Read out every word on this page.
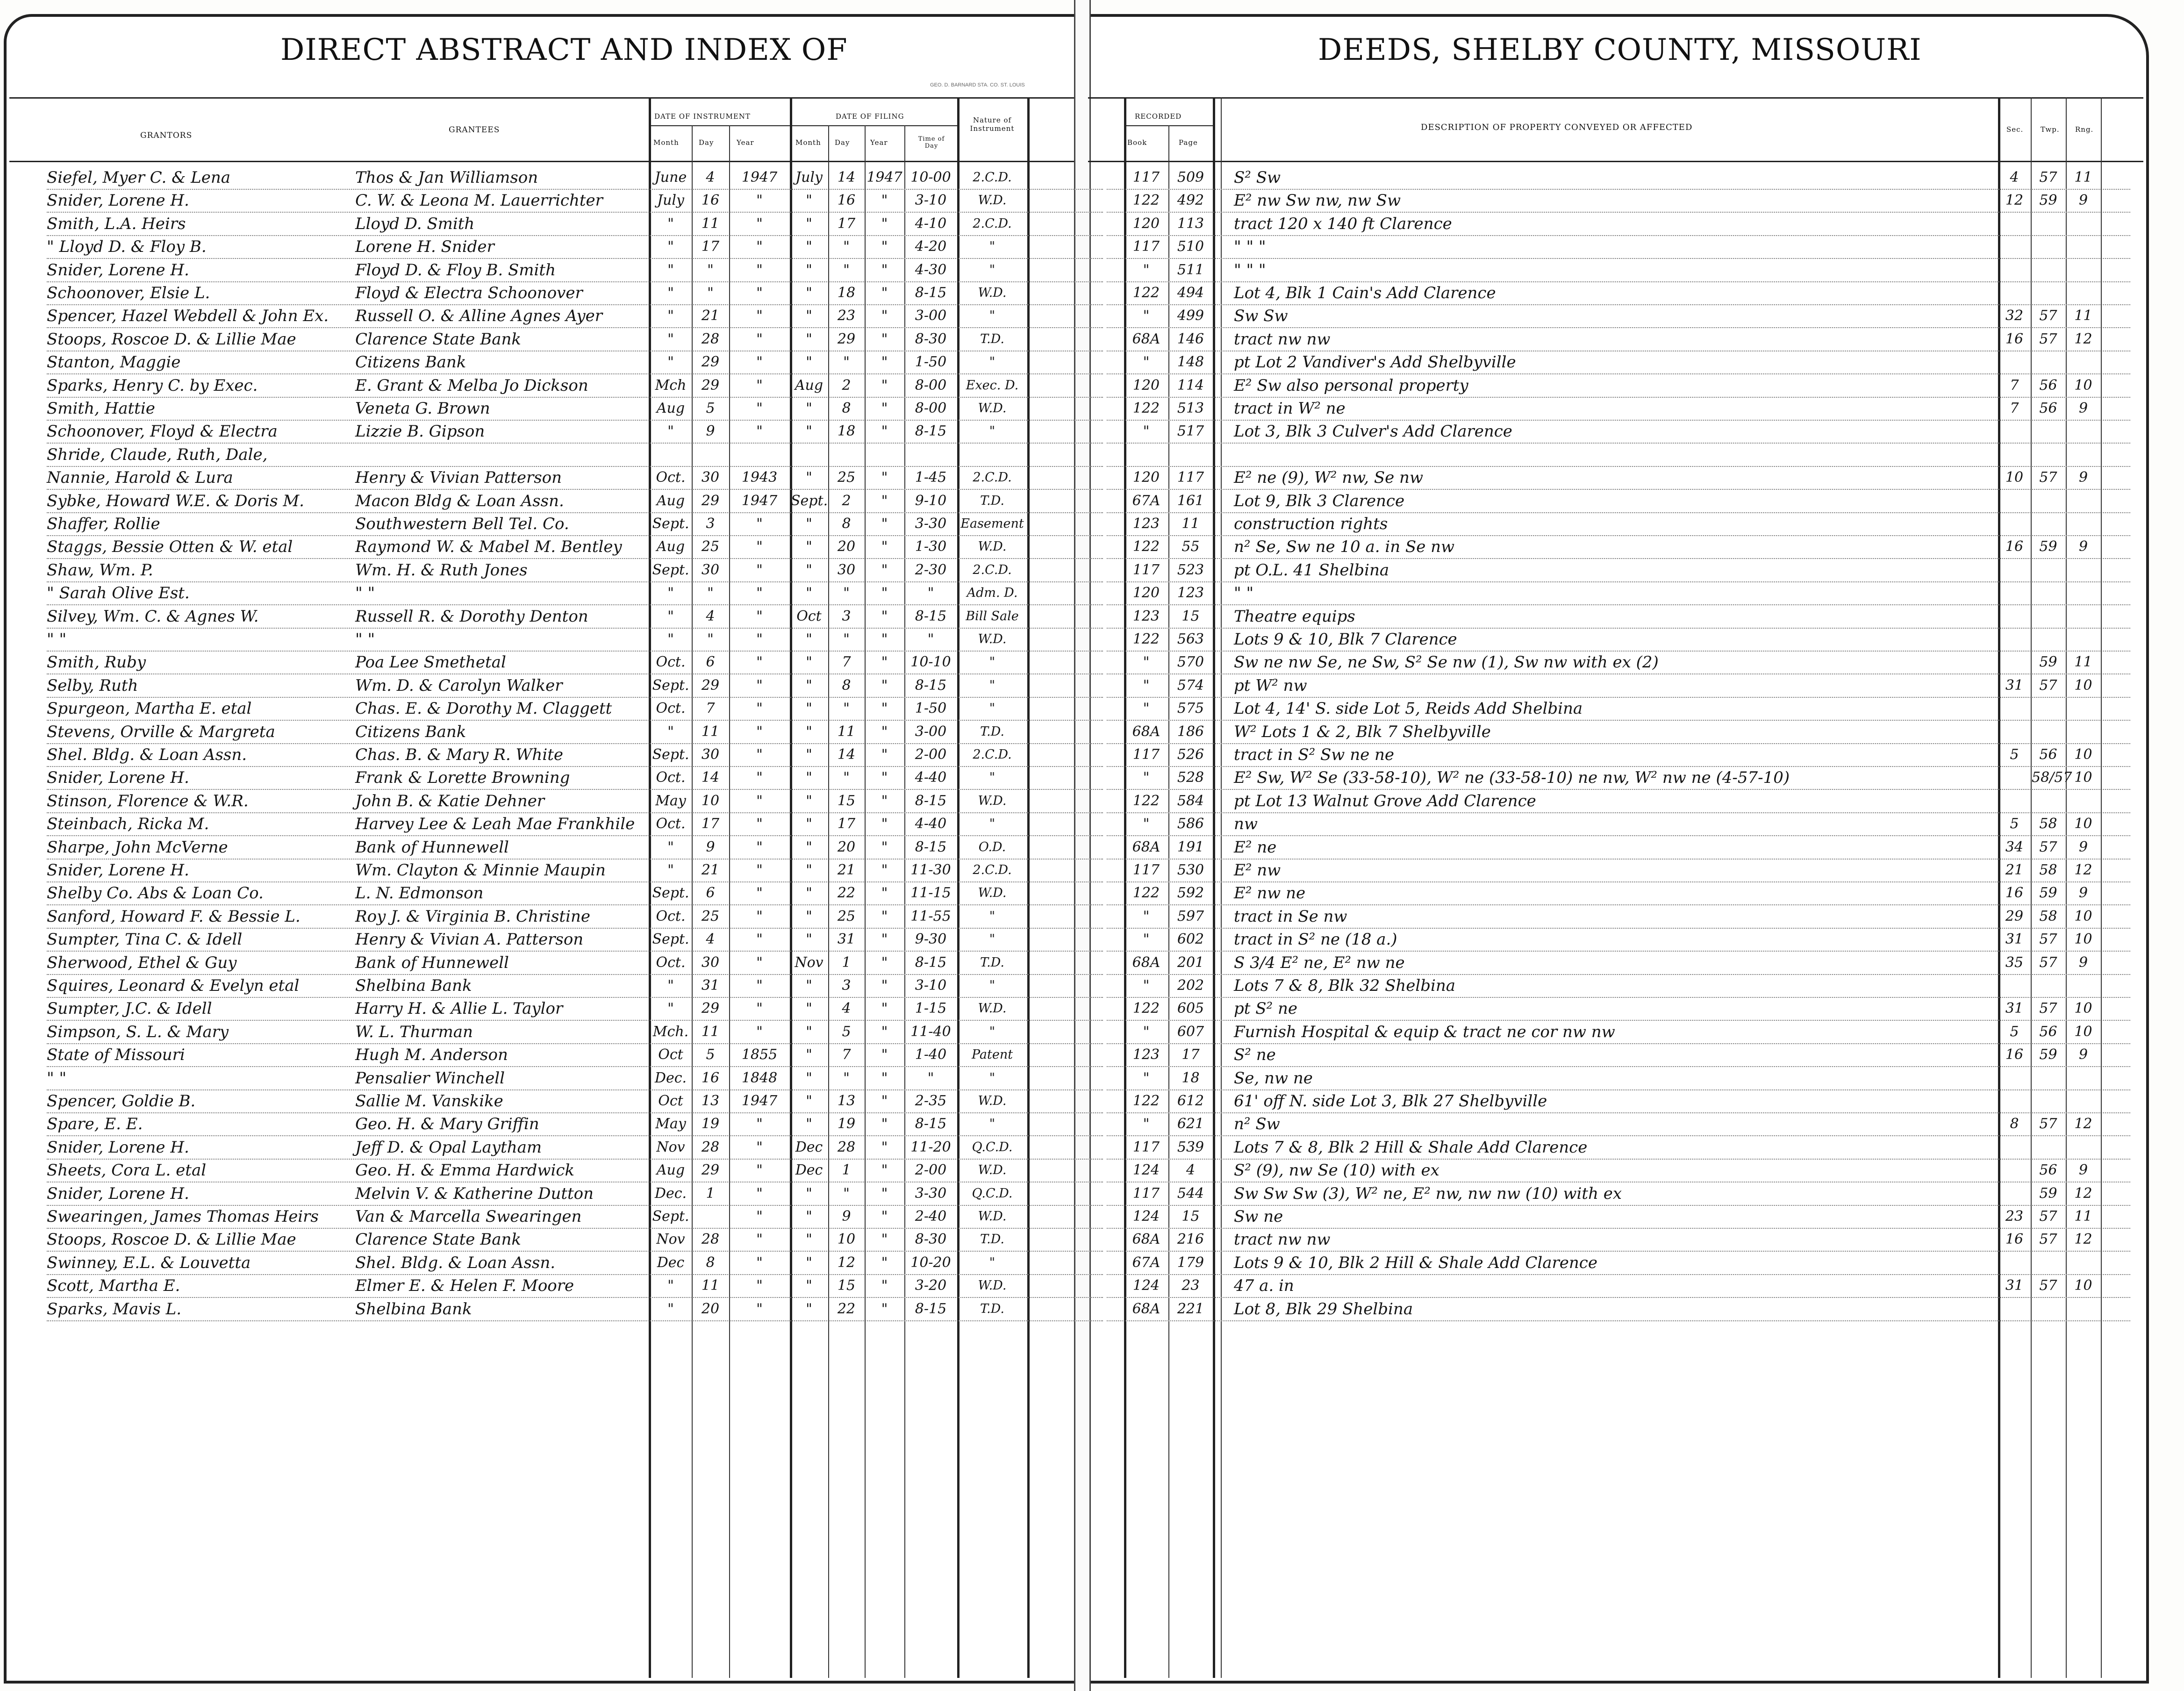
DIRECT ABSTRACT AND INDEX OF	DEEDS, SHELBY COUNTY, MISSOURI
GEO. D. BARNARD STA. CO. ST. LOUIS
GRANTORS
GRANTEES
DATE OF INSTRUMENT	DATE OF FILING
Month	Day	Year	Month Day	Year	Time of Day
Nature of Instrument
RECORDED
Book	Page
DESCRIPTION OF PROPERTY CONVEYED OR AFFECTED	Sec. Twp. Rng.
Siefel, Myer C. & Lena	Thos & Jan Williamson	June	4	1947	July	14 1947 10-00	2.C.D.	117	509	S² Sw	4	57	11
Snider, Lorene H.	C. W. & Leona M. Lauerrichter	July	16	"	"	16	"	3-10	W.D.	122	492	E² nw Sw nw, nw Sw	12	59	9
Smith, L.A. Heirs	Lloyd D. Smith	"	11	"	"	17	"	4-10	2.C.D.	120	113	tract 120 x 140 ft Clarence
" Lloyd D. & Floy B.	Lorene H. Snider	"	17	"	"	"	"	4-20	"	117	510	" " "
Snider, Lorene H.	Floyd D. & Floy B. Smith	"	"	"	"	"	"	4-30	"	"	511	" " "
Schoonover, Elsie L.	Floyd & Electra Schoonover	"	"	"	"	18	"	8-15	W.D.	122	494	Lot 4, Blk 1 Cain's Add Clarence
Spencer, Hazel Webdell & John Ex.	Russell O. & Alline Agnes Ayer	"	21	"	"	23	"	3-00	"	"	499	Sw Sw	32	57	11
Stoops, Roscoe D. & Lillie Mae	Clarence State Bank	"	28	"	"	29	"	8-30	T.D.	68A	146	tract nw nw	16	57	12
Stanton, Maggie	Citizens Bank	"	29	"	"	"	"	1-50	"	"	148	pt Lot 2 Vandiver's Add Shelbyville
Sparks, Henry C. by Exec.	E. Grant & Melba Jo Dickson	Mch	29	"	Aug	2	"	8-00	Exec. D.	120	114	E² Sw also personal property	7	56	10
Smith, Hattie	Veneta G. Brown	Aug	5	"	"	8	"	8-00	W.D.	122	513	tract in W² ne	7	56	9
Schoonover, Floyd & Electra	Lizzie B. Gipson	"	9	"	"	18	"	8-15	"	"	517	Lot 3, Blk 3 Culver's Add Clarence
Shride, Claude, Ruth, Dale,
Nannie, Harold & Lura	Henry & Vivian Patterson	Oct.	30	1943	"	25	"	1-45	2.C.D.	120	117	E² ne (9), W² nw, Se nw	10	57	9
Sybke, Howard W.E. & Doris M.	Macon Bldg & Loan Assn.	Aug	29	1947 Sept.	2	"	9-10	T.D.	67A	161	Lot 9, Blk 3 Clarence
Shaffer, Rollie	Southwestern Bell Tel. Co.	Sept.	3	"	"	8	"	3-30	Easement	123	11	construction rights
Staggs, Bessie Otten & W. etal	Raymond W. & Mabel M. Bentley	Aug	25	"	"	20	"	1-30	W.D.	122	55	n² Se, Sw ne 10 a. in Se nw	16	59	9
Shaw, Wm. P.	Wm. H. & Ruth Jones	Sept. 30	"	"	30	"	2-30	2.C.D.	117	523	pt O.L. 41 Shelbina
" Sarah Olive Est.	" "	"	"	"	"	"	"	"	Adm. D.	120	123	" "
Silvey, Wm. C. & Agnes W.	Russell R. & Dorothy Denton	"	4	"	Oct	3	"	8-15	Bill Sale	123	15	Theatre equips
" "	" "	"	"	"	"	"	"	"	W.D.	122	563	Lots 9 & 10, Blk 7 Clarence
Smith, Ruby	Poa Lee Smethetal	Oct.	6	"	"	7	"	10-10	"	"	570	Sw ne nw Se, ne Sw, S² Se nw (1), Sw nw with ex (2)	59	11
Selby, Ruth	Wm. D. & Carolyn Walker	Sept. 29	"	"	8	"	8-15	"	"	574	pt W² nw	31	57	10
Spurgeon, Martha E. etal	Chas. E. & Dorothy M. Claggett	Oct.	7	"	"	"	"	1-50	"	"	575	Lot 4, 14' S. side Lot 5, Reids Add Shelbina
Stevens, Orville & Margreta	Citizens Bank	"	11	"	"	11	"	3-00	T.D.	68A	186	W² Lots 1 & 2, Blk 7 Shelbyville
Shel. Bldg. & Loan Assn.	Chas. B. & Mary R. White	Sept. 30	"	"	14	"	2-00	2.C.D.	117	526	tract in S² Sw ne ne	5	56	10
Snider, Lorene H.	Frank & Lorette Browning	Oct.	14	"	"	"	"	4-40	"	"	528	E² Sw, W² Se (33-58-10), W² ne (33-58-10) ne nw, W² nw ne (4-57-10)	58/57 10
Stinson, Florence & W.R.	John B. & Katie Dehner	May	10	"	"	15	"	8-15	W.D.	122	584	pt Lot 13 Walnut Grove Add Clarence
Steinbach, Ricka M.	Harvey Lee & Leah Mae Frankhile	Oct.	17	"	"	17	"	4-40	"	"	586	nw	5	58	10
Sharpe, John McVerne	Bank of Hunnewell	"	9	"	"	20	"	8-15	O.D.	68A	191	E² ne	34	57	9
Snider, Lorene H.	Wm. Clayton & Minnie Maupin	"	21	"	"	21	"	11-30	2.C.D.	117	530	E² nw	21	58	12
Shelby Co. Abs & Loan Co.	L. N. Edmonson	Sept.	6	"	"	22	"	11-15	W.D.	122	592	E² nw ne	16	59	9
Sanford, Howard F. & Bessie L.	Roy J. & Virginia B. Christine	Oct.	25	"	"	25	"	11-55	"	"	597	tract in Se nw	29	58	10
Sumpter, Tina C. & Idell	Henry & Vivian A. Patterson	Sept.	4	"	"	31	"	9-30	"	"	602	tract in S² ne (18 a.)	31	57	10
Sherwood, Ethel & Guy	Bank of Hunnewell	Oct.	30	"	Nov	1	"	8-15	T.D.	68A	201	S 3/4 E² ne, E² nw ne	35	57	9
Squires, Leonard & Evelyn etal	Shelbina Bank	"	31	"	"	3	"	3-10	"	"	202	Lots 7 & 8, Blk 32 Shelbina
Sumpter, J.C. & Idell	Harry H. & Allie L. Taylor	"	29	"	"	4	"	1-15	W.D.	122	605	pt S² ne	31	57	10
Simpson, S. L. & Mary	W. L. Thurman	Mch. 11	"	"	5	"	11-40	"	"	607	Furnish Hospital & equip & tract ne cor nw nw	5	56	10
State of Missouri	Hugh M. Anderson	Oct	5	1855	"	7	"	1-40	Patent	123	17	S² ne	16	59	9
" "	Pensalier Winchell	Dec.	16	1848	"	"	"	"	"	"	18	Se, nw ne
Spencer, Goldie B.	Sallie M. Vanskike	Oct	13	1947	"	13	"	2-35	W.D.	122	612	61' off N. side Lot 3, Blk 27 Shelbyville
Spare, E. E.	Geo. H. & Mary Griffin	May	19	"	"	19	"	8-15	"	"	621	n² Sw	8	57	12
Snider, Lorene H.	Jeff D. & Opal Laytham	Nov	28	"	Dec	28	"	11-20	Q.C.D.	117	539	Lots 7 & 8, Blk 2 Hill & Shale Add Clarence
Sheets, Cora L. etal	Geo. H. & Emma Hardwick	Aug	29	"	Dec	1	"	2-00	W.D.	124	4	S² (9), nw Se (10) with ex	56	9
Snider, Lorene H.	Melvin V. & Katherine Dutton	Dec.	1	"	"	"	"	3-30	Q.C.D.	117	544	Sw Sw Sw (3), W² ne, E² nw, nw nw (10) with ex	59	12
Swearingen, James Thomas Heirs	Van & Marcella Swearingen	Sept.	"	"	9	"	2-40	W.D.	124	15	Sw ne	23	57	11
Stoops, Roscoe D. & Lillie Mae	Clarence State Bank	Nov	28	"	"	10	"	8-30	T.D.	68A	216	tract nw nw	16	57	12
Swinney, E.L. & Louvetta	Shel. Bldg. & Loan Assn.	Dec	8	"	"	12	"	10-20	"	67A	179	Lots 9 & 10, Blk 2 Hill & Shale Add Clarence
Scott, Martha E.	Elmer E. & Helen F. Moore	"	11	"	"	15	"	3-20	W.D.	124	23	47 a. in	31	57	10
Sparks, Mavis L.	Shelbina Bank	"	20	"	"	22	"	8-15	T.D.	68A	221	Lot 8, Blk 29 Shelbina
